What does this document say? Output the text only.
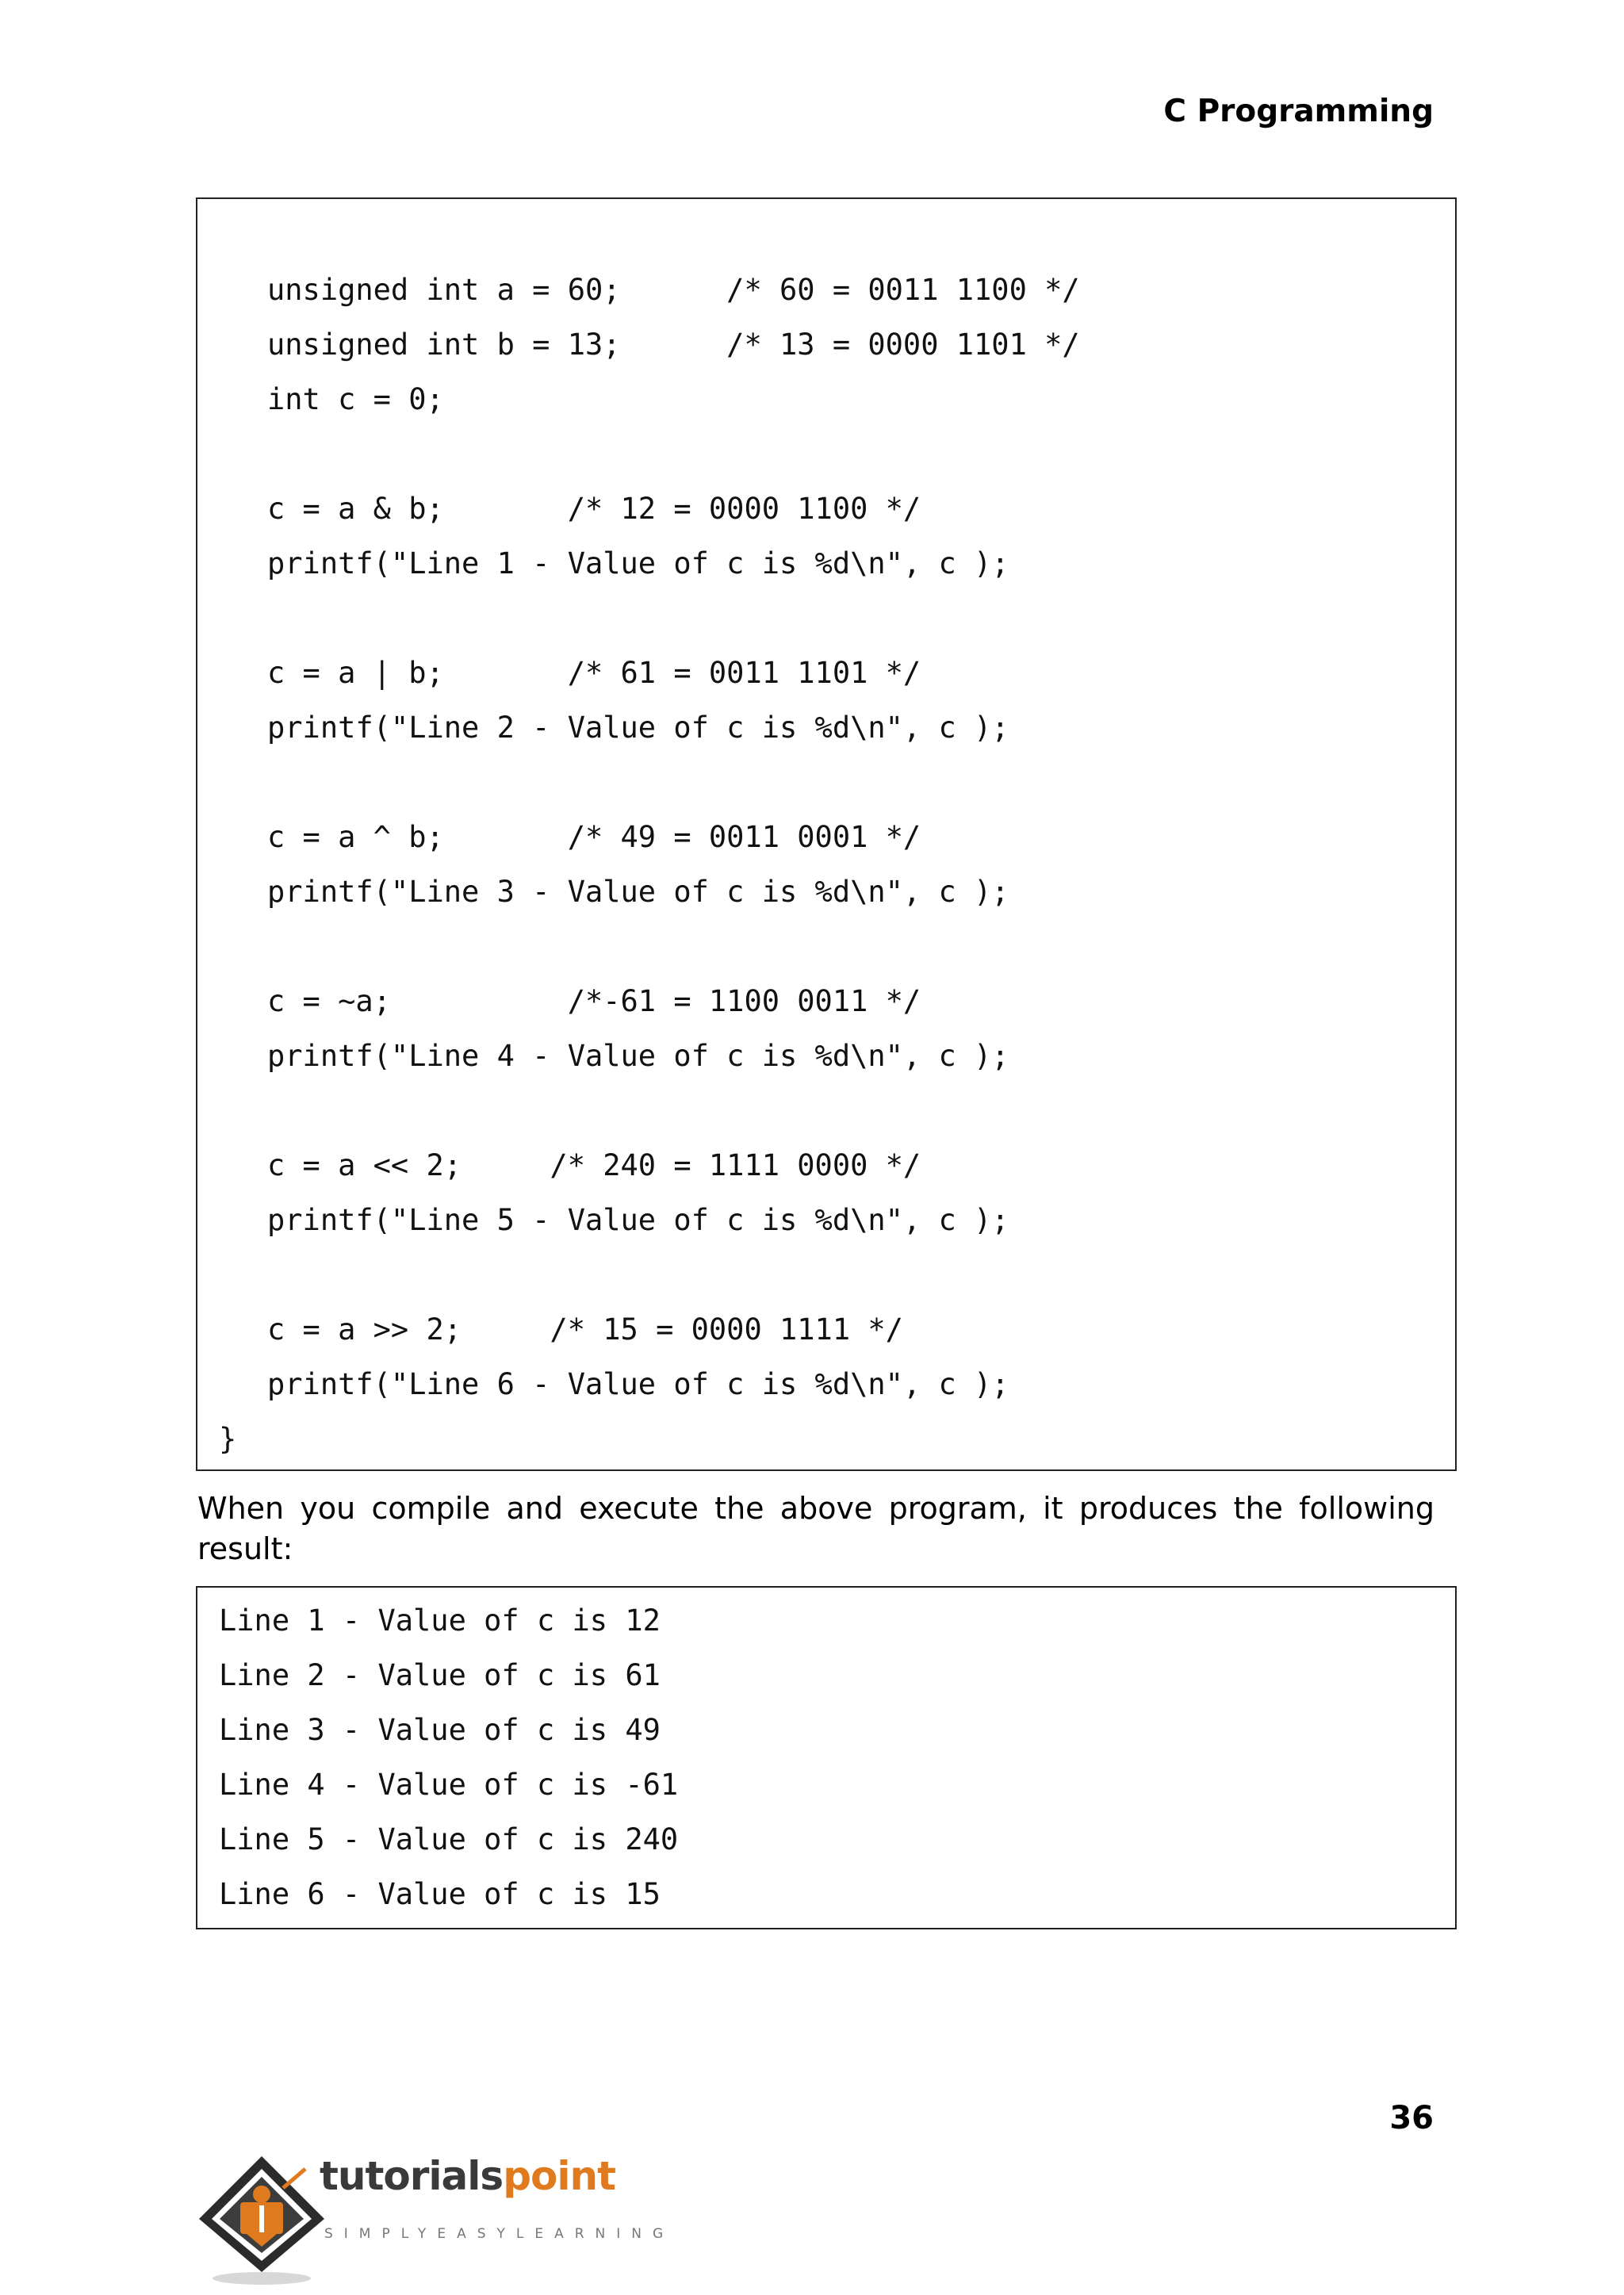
C Programming
unsigned int a = 60;      /* 60 = 0011 1100 */
unsigned int b = 13;      /* 13 = 0000 1101 */
int c = 0;
c = a & b;       /* 12 = 0000 1100 */
printf("Line 1 - Value of c is %d\n", c );
c = a | b;       /* 61 = 0011 1101 */
printf("Line 2 - Value of c is %d\n", c );
c = a ^ b;       /* 49 = 0011 0001 */
printf("Line 3 - Value of c is %d\n", c );
c = ~a;          /*-61 = 1100 0011 */
printf("Line 4 - Value of c is %d\n", c );
c = a << 2;     /* 240 = 1111 0000 */
printf("Line 5 - Value of c is %d\n", c );
c = a >> 2;     /* 15 = 0000 1111 */
printf("Line 6 - Value of c is %d\n", c );
}
When you compile and execute the above program, it produces the following result:
Line 1 - Value of c is 12
Line 2 - Value of c is 61
Line 3 - Value of c is 49
Line 4 - Value of c is -61
Line 5 - Value of c is 240
Line 6 - Value of c is 15
36
tutorialspoint
SIMPLYEASYLEARNING
